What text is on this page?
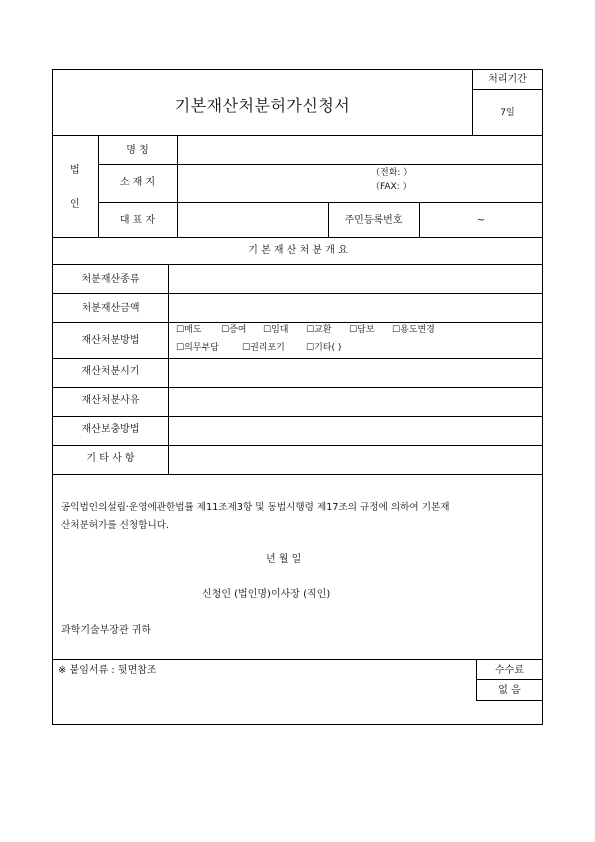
기본재산처분허가신청서
처리기간
7일
법
인
명 칭
소 재 지
（전화: ）
（FAX: ）
대 표 자	주민등록번호	~
기 본 재 산 처 분 개 요
처분재산종류
처분재산금액
재산처분방법
☐매도 ☐증여 ☐임대 ☐교환 ☐담보 ☐용도변경
☐의무부담	☐권리포기 ☐기타( )
재산처분시기
재산처분사유
재산보충방법
기 타 사 항
공익법인의설립·운영에관한법률 제11조제3항 및 동법시행령 제17조의 규정에 의하여 기본재
산처분허가를 신청합니다.
년 월 일
신청인 (법인명)이사장 (직인)
과학기술부장관 귀하
※ 붙임서류 : 뒷면참조	수수료
없 음
